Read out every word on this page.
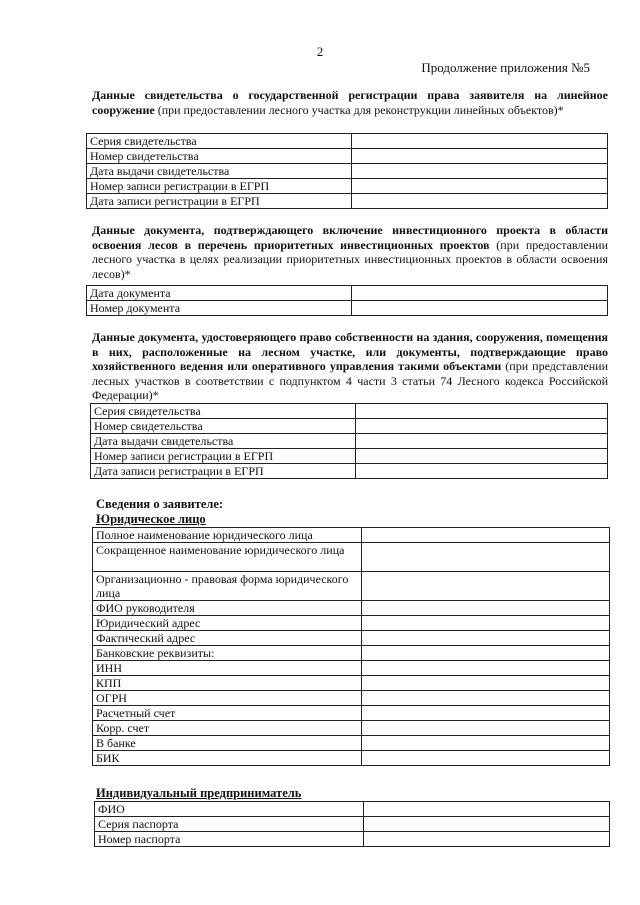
2
Продолжение приложения №5
Данные свидетельства о государственной регистрации права заявителя на линейное сооружение (при предоставлении лесного участка для реконструкции линейных объектов)*
Серия свидетельства	
Номер свидетельства	
Дата выдачи свидетельства	
Номер записи регистрации в ЕГРП	
Дата записи регистрации в ЕГРП	
Данные документа, подтверждающего включение инвестиционного проекта в области освоения лесов в перечень приоритетных инвестиционных проектов (при предоставлении лесного участка в целях реализации приоритетных инвестиционных проектов в области освоения лесов)*
Дата документа	
Номер документа	
Данные документа, удостоверяющего право собственности на здания, сооружения, помещения в них, расположенные на лесном участке, или документы, подтверждающие право хозяйственного ведения или оперативного управления такими объектами (при представлении лесных участков в соответствии с подпунктом 4 части 3 статьи 74 Лесного кодекса Российской Федерации)*
Серия свидетельства	
Номер свидетельства	
Дата выдачи свидетельства	
Номер записи регистрации в ЕГРП	
Дата записи регистрации в ЕГРП	
Сведения о заявителе:
Юридическое лицо
Полное наименование юридического лица	
Сокращенное наименование юридического лица	
Организационно - правовая форма юридического лица	
ФИО руководителя	
Юридический адрес	
Фактический адрес	
Банковские реквизиты:	
ИНН	
КПП	
ОГРН	
Расчетный счет	
Корр. счет	
В банке	
БИК	
Индивидуальный предприниматель
ФИО	
Серия паспорта	
Номер паспорта	
